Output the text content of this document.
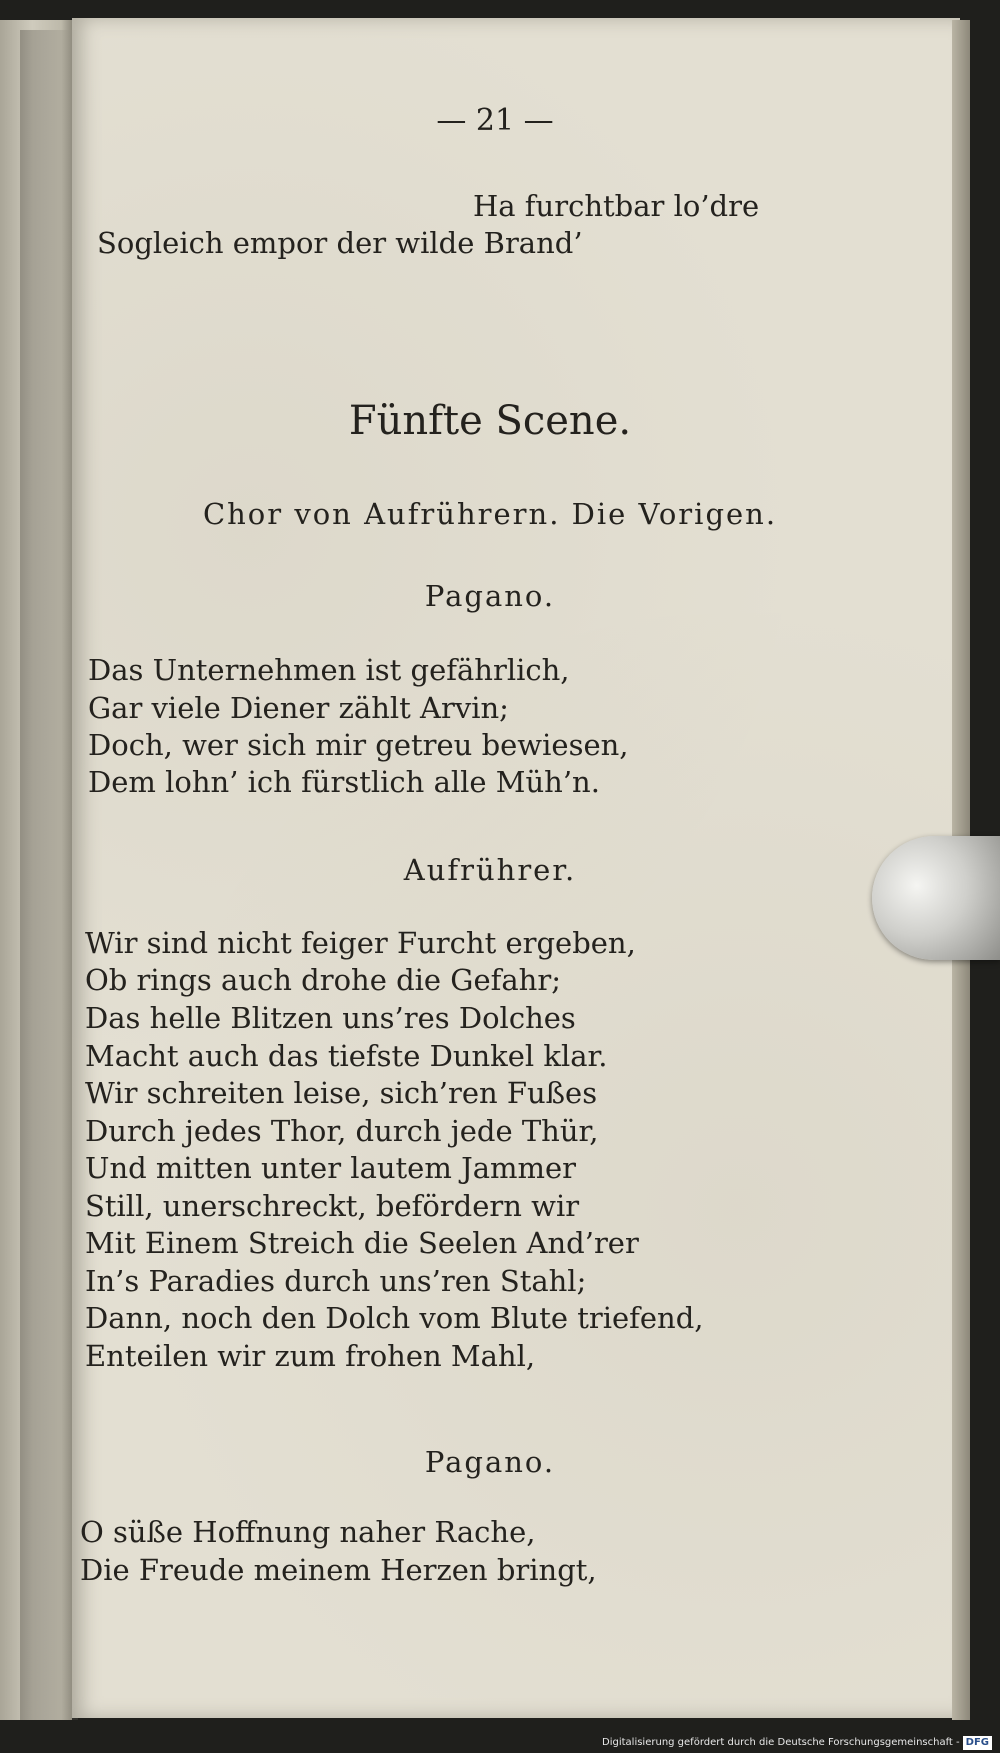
— 21 —
Ha furchtbar lo’dre
Sogleich empor der wilde Brand’
Fünfte Scene.
Chor von Aufrührern. Die Vorigen.
Pagano.
Das Unternehmen ist gefährlich,
Gar viele Diener zählt Arvin;
Doch, wer sich mir getreu bewiesen,
Dem lohn’ ich fürstlich alle Müh’n.
Aufrührer.
Wir sind nicht feiger Furcht ergeben,
Ob rings auch drohe die Gefahr;
Das helle Blitzen uns’res Dolches
Macht auch das tiefste Dunkel klar.
Wir schreiten leise, sich’ren Fußes
Durch jedes Thor, durch jede Thür,
Und mitten unter lautem Jammer
Still, unerschreckt, befördern wir
Mit Einem Streich die Seelen And’rer
In’s Paradies durch uns’ren Stahl;
Dann, noch den Dolch vom Blute triefend,
Enteilen wir zum frohen Mahl,
Pagano.
O süße Hoffnung naher Rache,
Die Freude meinem Herzen bringt,
Digitalisierung gefördert durch die Deutsche Forschungsgemeinschaft - DFG
